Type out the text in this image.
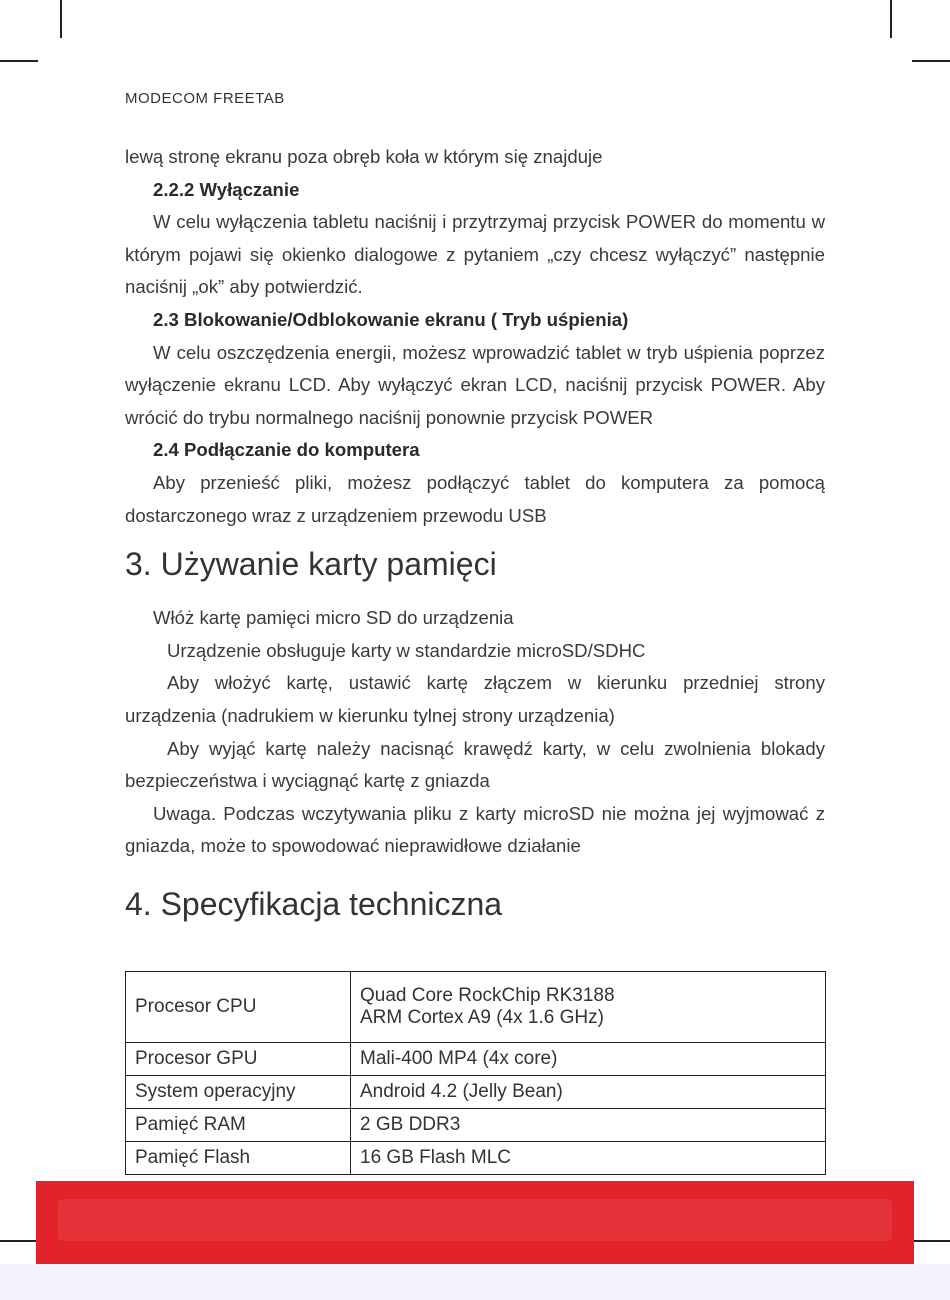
MODECOM FREETAB

lewą stronę ekranu poza obręb koła w którym się znajduje

2.2.2 Wyłączanie

W celu wyłączenia tabletu naciśnij i przytrzymaj przycisk POWER do momentu w którym pojawi się okienko dialogowe z pytaniem „czy chcesz wyłączyć” następnie naciśnij „ok” aby potwierdzić.

2.3 Blokowanie/Odblokowanie ekranu ( Tryb uśpienia)

W celu oszczędzenia energii, możesz wprowadzić tablet w tryb uśpienia poprzez wyłączenie ekranu LCD. Aby wyłączyć ekran LCD, naciśnij przycisk POWER. Aby wrócić do trybu normalnego naciśnij ponownie przycisk POWER

2.4 Podłączanie do komputera

Aby przenieść pliki, możesz podłączyć tablet do komputera za pomocą dostarczonego wraz z urządzeniem przewodu USB

3. Używanie karty pamięci

Włóż kartę pamięci micro SD do urządzenia

Urządzenie obsługuje karty w standardzie microSD/SDHC

Aby włożyć kartę, ustawić kartę złączem w kierunku przedniej strony urządzenia (nadrukiem w kierunku tylnej strony urządzenia)

Aby wyjąć kartę należy nacisnąć krawędź karty, w celu zwolnienia blokady bezpieczeństwa i wyciągnąć kartę z gniazda

Uwaga. Podczas wczytywania pliku z karty microSD nie można jej wyjmować z gniazda, może to spowodować nieprawidłowe działanie

4. Specyfikacja techniczna
Procesor CPU	Quad Core RockChip RK3188
ARM Cortex A9 (4x 1.6 GHz)

Procesor GPU	Mali-400 MP4 (4x core)
System operacyjny	Android 4.2 (Jelly Bean)
Pamięć RAM	2 GB DDR3
Pamięć Flash	16 GB Flash MLC
